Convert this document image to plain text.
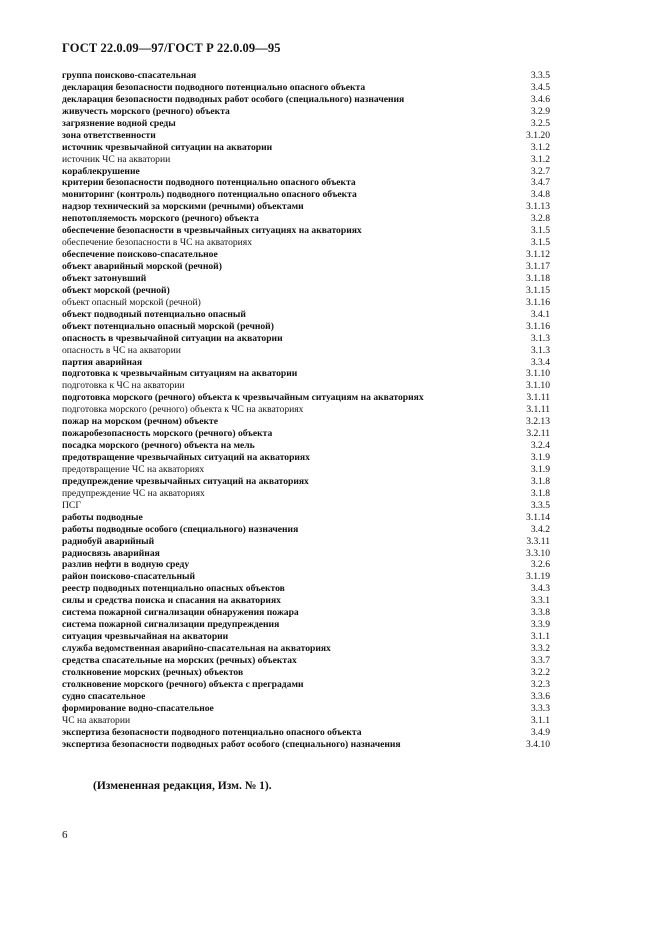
ГОСТ 22.0.09—97/ГОСТ Р 22.0.09—95
группа поисково-спасательная	3.3.5
декларация безопасности подводного потенциально опасного объекта	3.4.5
декларация безопасности подводных работ особого (специального) назначения	3.4.6
живучесть морского (речного) объекта	3.2.9
загрязнение водной среды	3.2.5
зона ответственности	3.1.20
источник чрезвычайной ситуации на акватории	3.1.2
источник ЧС на акватории	3.1.2
кораблекрушение	3.2.7
критерии безопасности подводного потенциально опасного объекта	3.4.7
мониторинг (контроль) подводного потенциально опасного объекта	3.4.8
надзор технический за морскими (речными) объектами	3.1.13
непотопляемость морского (речного) объекта	3.2.8
обеспечение безопасности в чрезвычайных ситуациях на акваториях	3.1.5
обеспечение безопасности в ЧС на акваториях	3.1.5
обеспечение поисково-спасательное	3.1.12
объект аварийный морской (речной)	3.1.17
объект затонувший	3.1.18
объект морской (речной)	3.1.15
объект опасный морской (речной)	3.1.16
объект подводный потенциально опасный	3.4.1
объект потенциально опасный морской (речной)	3.1.16
опасность в чрезвычайной ситуации на акватории	3.1.3
опасность в ЧС на акватории	3.1.3
партия аварийная	3.3.4
подготовка к чрезвычайным ситуациям на акватории	3.1.10
подготовка к ЧС на акватории	3.1.10
подготовка морского (речного) объекта к чрезвычайным ситуациям на акваториях	3.1.11
подготовка морского (речного) объекта к ЧС на акваториях	3.1.11
пожар на морском (речном) объекте	3.2.13
пожаробезопасность морского (речного) объекта	3.2.11
посадка морского (речного) объекта на мель	3.2.4
предотвращение чрезвычайных ситуаций на акваториях	3.1.9
предотвращение ЧС на акваториях	3.1.9
предупреждение чрезвычайных ситуаций на акваториях	3.1.8
предупреждение ЧС на акваториях	3.1.8
ПСГ	3.3.5
работы подводные	3.1.14
работы подводные особого (специального) назначения	3.4.2
радиобуй аварийный	3.3.11
радиосвязь аварийная	3.3.10
разлив нефти в водную среду	3.2.6
район поисково-спасательный	3.1.19
реестр подводных потенциально опасных объектов	3.4.3
силы и средства поиска и спасания на акваториях	3.3.1
система пожарной сигнализации обнаружения пожара	3.3.8
система пожарной сигнализации предупреждения	3.3.9
ситуация чрезвычайная на акватории	3.1.1
служба ведомственная аварийно-спасательная на акваториях	3.3.2
средства спасательные на морских (речных) объектах	3.3.7
столкновение морских (речных) объектов	3.2.2
столкновение морского (речного) объекта с преградами	3.2.3
судно спасательное	3.3.6
формирование водно-спасательное	3.3.3
ЧС на акватории	3.1.1
экспертиза безопасности подводного потенциально опасного объекта	3.4.9
экспертиза безопасности подводных работ особого (специального) назначения	3.4.10
(Измененная редакция, Изм. № 1).
6
